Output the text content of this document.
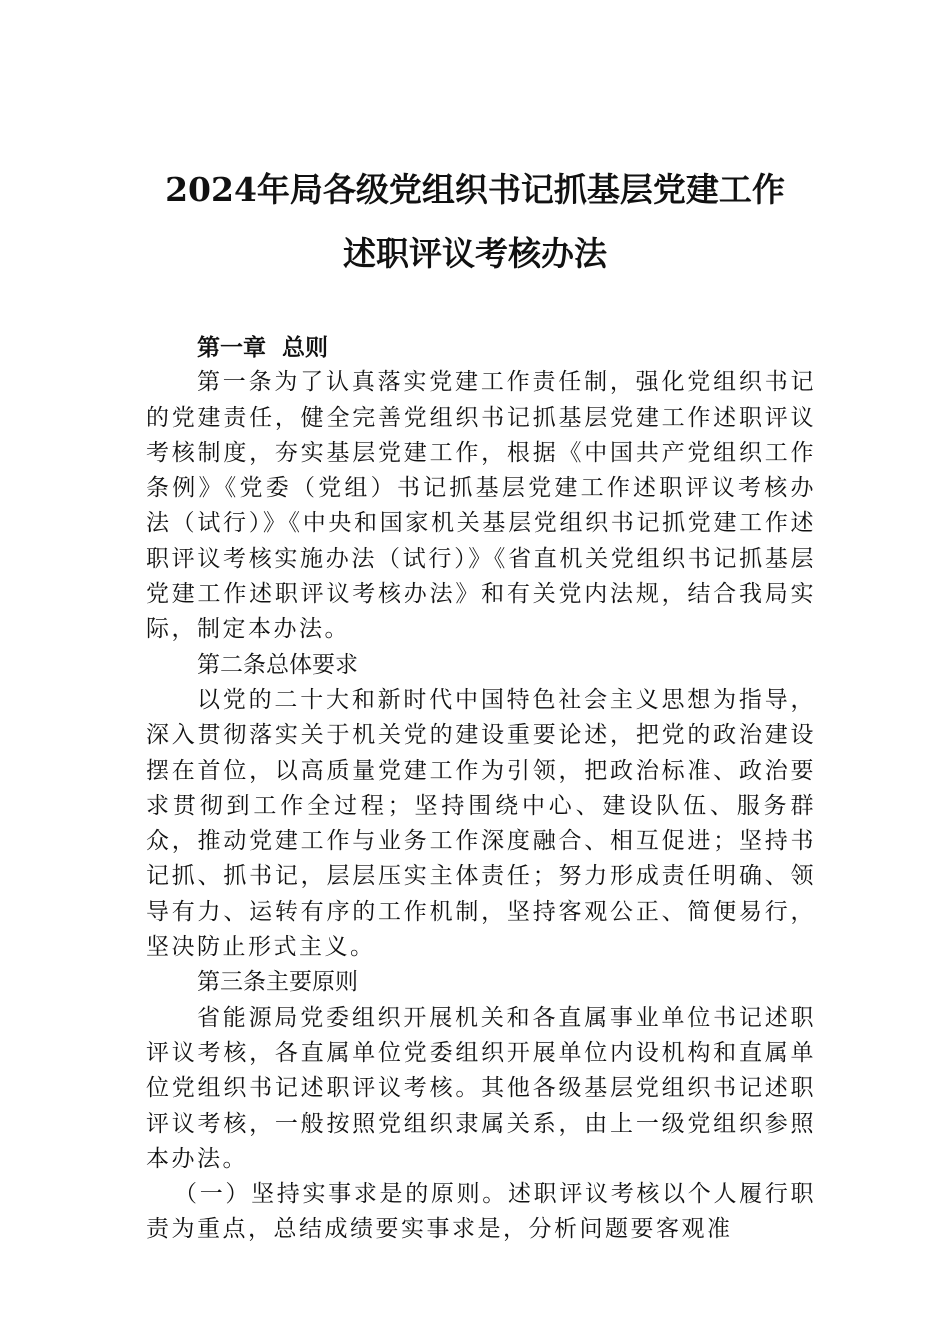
2024年局各级党组织书记抓基层党建工作
述职评议考核办法

第一章  总则

第一条为了认真落实党建工作责任制，强化党组织书记的党建责任，健全完善党组织书记抓基层党建工作述职评议考核制度，夯实基层党建工作，根据《中国共产党组织工作条例》《党委（党组）书记抓基层党建工作述职评议考核办法（试行）》《中央和国家机关基层党组织书记抓党建工作述职评议考核实施办法（试行）》《省直机关党组织书记抓基层党建工作述职评议考核办法》和有关党内法规，结合我局实际，制定本办法。

第二条总体要求

以党的二十大和新时代中国特色社会主义思想为指导，深入贯彻落实关于机关党的建设重要论述，把党的政治建设摆在首位，以高质量党建工作为引领，把政治标准、政治要求贯彻到工作全过程；坚持围绕中心、建设队伍、服务群众，推动党建工作与业务工作深度融合、相互促进；坚持书记抓、抓书记，层层压实主体责任；努力形成责任明确、领导有力、运转有序的工作机制，坚持客观公正、简便易行，坚决防止形式主义。

第三条主要原则

省能源局党委组织开展机关和各直属事业单位书记述职评议考核，各直属单位党委组织开展单位内设机构和直属单位党组织书记述职评议考核。其他各级基层党组织书记述职评议考核，一般按照党组织隶属关系，由上一级党组织参照本办法。

（一）坚持实事求是的原则。述职评议考核以个人履行职责为重点，总结成绩要实事求是，分析问题要客观准
